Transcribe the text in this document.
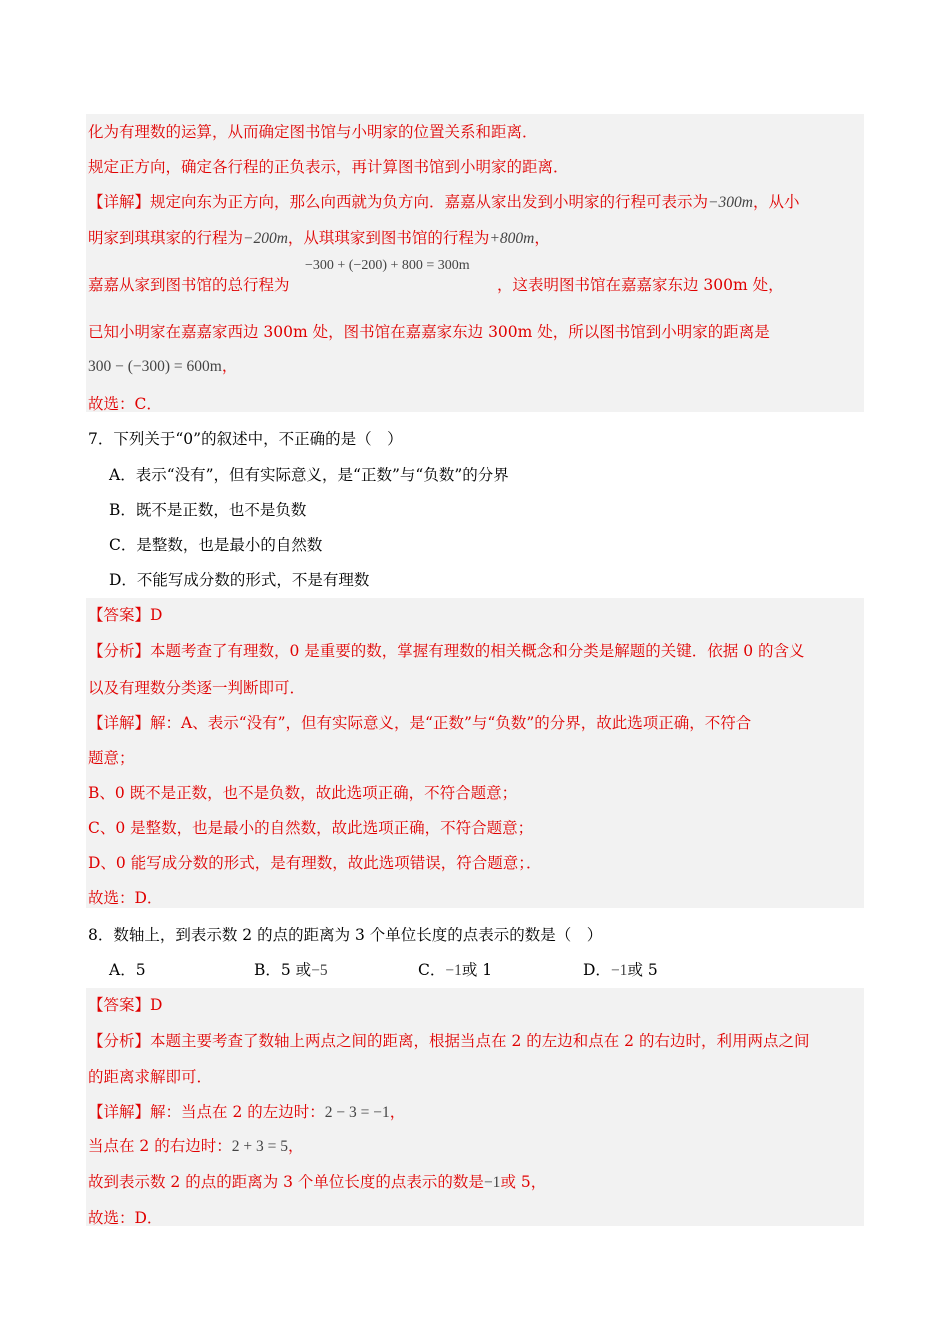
化为有理数的运算，从而确定图书馆与小明家的位置关系和距离．
规定正方向，确定各行程的正负表示，再计算图书馆到小明家的距离．
【详解】规定向东为正方向，那么向西就为负方向．嘉嘉从家出发到小明家的行程可表示为−300m，从小
明家到琪琪家的行程为−200m，从琪琪家到图书馆的行程为+800m，
−300 + (−200) + 800 = 300m
嘉嘉从家到图书馆的总行程为	，这表明图书馆在嘉嘉家东边 300m 处，
已知小明家在嘉嘉家西边 300m 处，图书馆在嘉嘉家东边 300m 处，所以图书馆到小明家的距离是
300 − (−300) = 600m，
故选：C．
7．下列关于“0”的叙述中，不正确的是（　）
A．表示“没有”，但有实际意义，是“正数”与“负数”的分界
B．既不是正数，也不是负数
C．是整数，也是最小的自然数
D．不能写成分数的形式，不是有理数
【答案】D
【分析】本题考查了有理数，0 是重要的数，掌握有理数的相关概念和分类是解题的关键．依据 0 的含义
以及有理数分类逐一判断即可．
【详解】解：A、表示“没有”，但有实际意义，是“正数”与“负数”的分界，故此选项正确，不符合
题意；
B、0 既不是正数，也不是负数，故此选项正确，不符合题意；
C、0 是整数，也是最小的自然数，故此选项正确，不符合题意；
D、0 能写成分数的形式，是有理数，故此选项错误，符合题意；．
故选：D．
8．数轴上，到表示数 2 的点的距离为 3 个单位长度的点表示的数是（　）
A．5	B．5 或−5	C．−1或 1	D．−1或 5
【答案】D
【分析】本题主要考查了数轴上两点之间的距离，根据当点在 2 的左边和点在 2 的右边时，利用两点之间
的距离求解即可．
【详解】解：当点在 2 的左边时：2 − 3 = −1，
当点在 2 的右边时：2 + 3 = 5，
故到表示数 2 的点的距离为 3 个单位长度的点表示的数是−1或 5，
故选：D．
